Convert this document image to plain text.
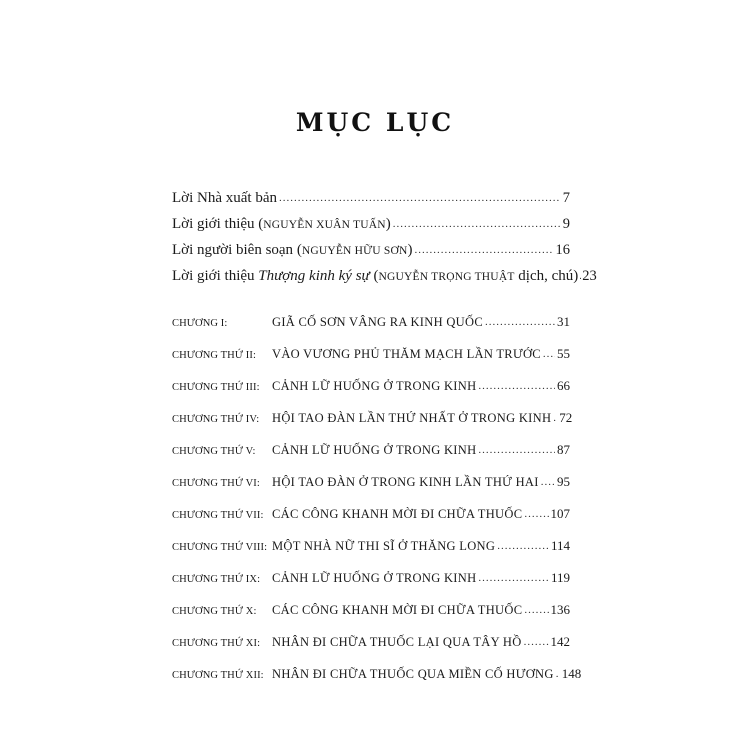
MỤC LỤC
Lời Nhà xuất bản .....	7
Lời giới thiệu (NGUYỄN XUÂN TUẤN) .....	9
Lời người biên soạn (NGUYỄN HỮU SƠN) .....	16
Lời giới thiệu Thượng kinh ký sự (NGUYỄN TRỌNG THUẬT dịch, chú) ..... 23
CHƯƠNG I:	GIÃ CỐ SƠN VÂNG RA KINH QUỐC .....	31
CHƯƠNG THỨ II:	VÀO VƯƠNG PHỦ THĂM MẠCH LẦN TRƯỚC ..... 55
CHƯƠNG THỨ III: CẢNH LỮ HUỐNG Ở TRONG KINH .....	66
CHƯƠNG THỨ IV:	HỘI TAO ĐÀN LẦN THỨ NHẤT Ở TRONG KINH ..... 72
CHƯƠNG THỨ V:	CẢNH LỮ HUỐNG Ở TRONG KINH .....	87
CHƯƠNG THỨ VI: HỘI TAO ĐÀN Ở TRONG KINH LẦN THỨ HAI ..... 95
CHƯƠNG THỨ VII: CÁC CÔNG KHANH MỜI ĐI CHỮA THUỐC ..... 107
CHƯƠNG THỨ VIII: MỘT NHÀ NỮ THI SĨ Ở THĂNG LONG .....	114
CHƯƠNG THỨ IX: CẢNH LỮ HUỐNG Ở TRONG KINH .....	119
CHƯƠNG THỨ X:	CÁC CÔNG KHANH MỜI ĐI CHỮA THUỐC ..... 136
CHƯƠNG THỨ XI: NHÂN ĐI CHỮA THUỐC LẠI QUA TÂY HỒ ..... 142
CHƯƠNG THỨ XII: NHÂN ĐI CHỮA THUỐC QUA MIỀN CỐ HƯƠNG ..... 148
